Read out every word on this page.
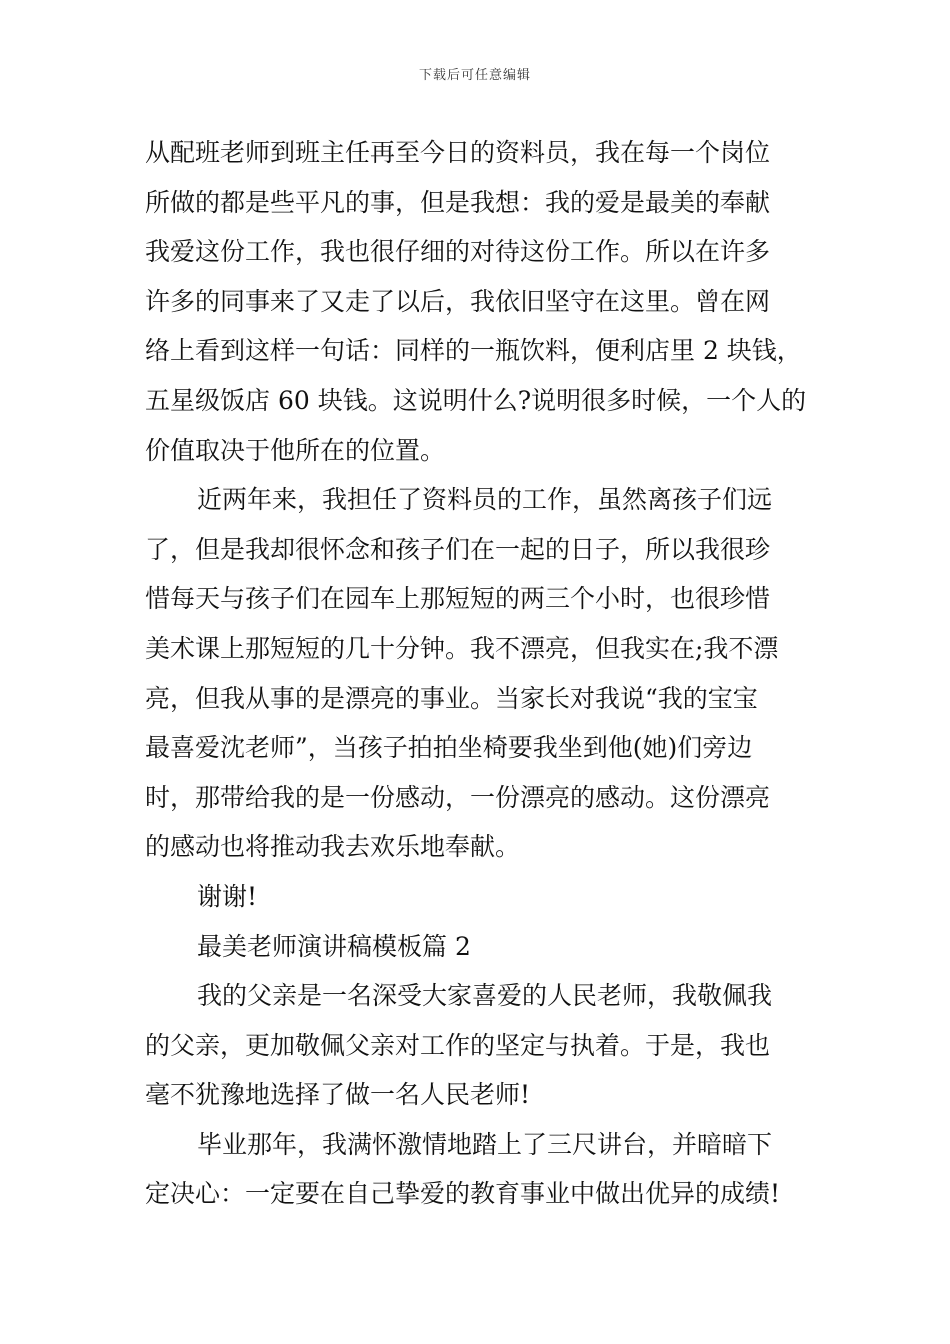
下载后可任意编辑
从配班老师到班主任再至今日的资料员，我在每一个岗位
所做的都是些平凡的事，但是我想：我的爱是最美的奉献
我爱这份工作，我也很仔细的对待这份工作。所以在许多
许多的同事来了又走了以后，我依旧坚守在这里。曾在网
络上看到这样一句话：同样的一瓶饮料，便利店里 2 块钱，
五星级饭店 60 块钱。这说明什么?说明很多时候，一个人的
价值取决于他所在的位置。
近两年来，我担任了资料员的工作，虽然离孩子们远
了，但是我却很怀念和孩子们在一起的日子，所以我很珍
惜每天与孩子们在园车上那短短的两三个小时，也很珍惜
美术课上那短短的几十分钟。我不漂亮，但我实在;我不漂
亮，但我从事的是漂亮的事业。当家长对我说“我的宝宝
最喜爱沈老师”，当孩子拍拍坐椅要我坐到他(她)们旁边
时，那带给我的是一份感动，一份漂亮的感动。这份漂亮
的感动也将推动我去欢乐地奉献。
谢谢!
最美老师演讲稿模板篇 2
我的父亲是一名深受大家喜爱的人民老师，我敬佩我
的父亲，更加敬佩父亲对工作的坚定与执着。于是，我也
毫不犹豫地选择了做一名人民老师!
毕业那年，我满怀激情地踏上了三尺讲台，并暗暗下
定决心：一定要在自己挚爱的教育事业中做出优异的成绩!
